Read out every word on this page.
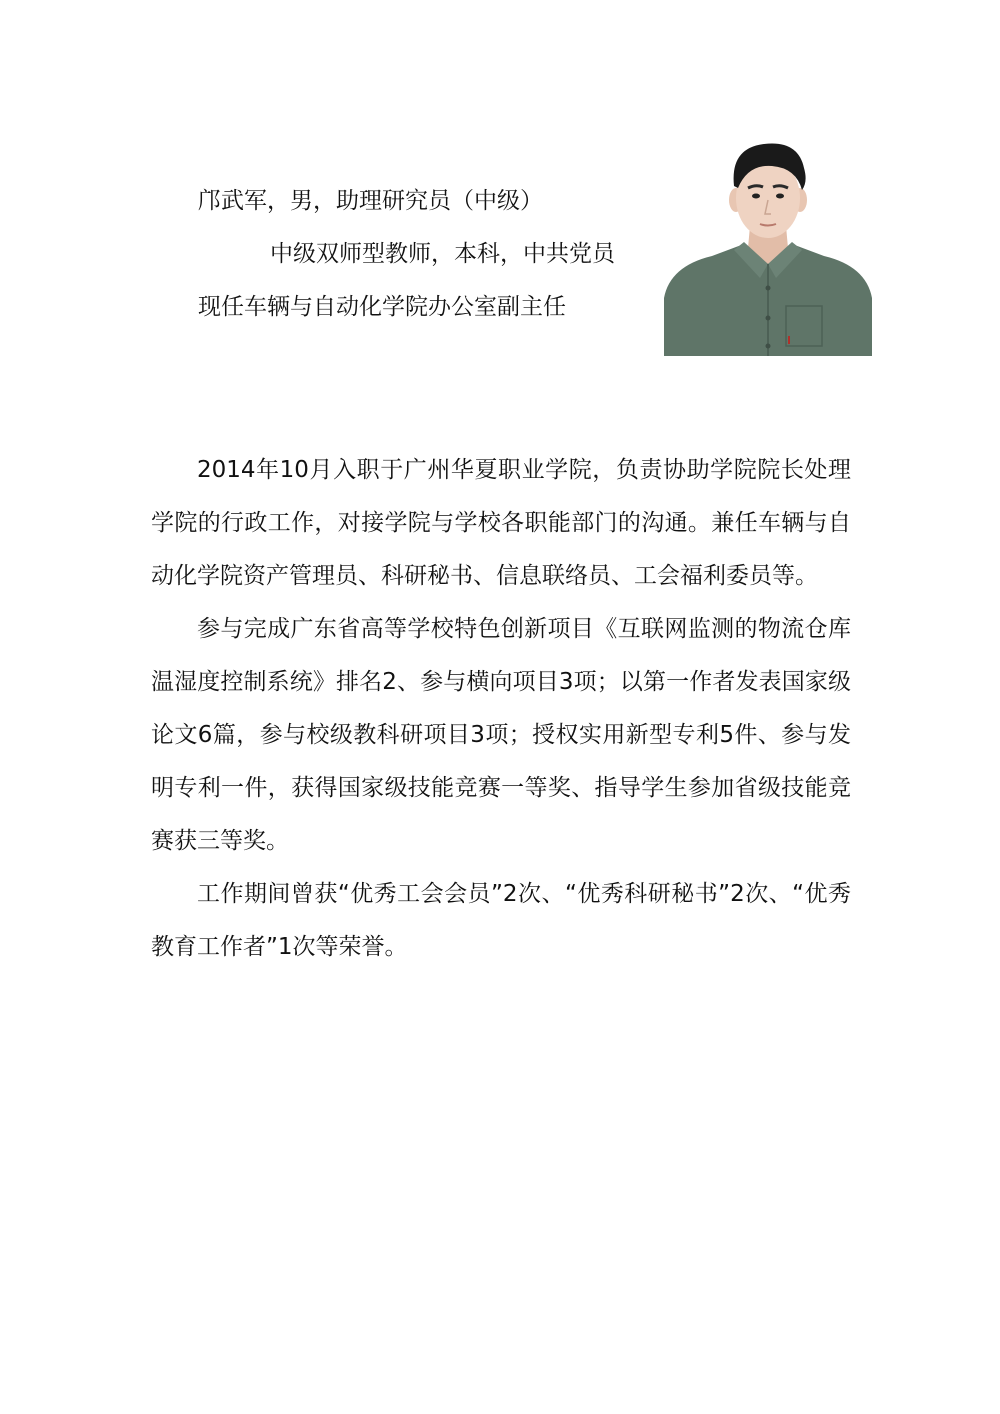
邝武军，男，助理研究员（中级）
中级双师型教师，本科，中共党员
现任车辆与自动化学院办公室副主任

2014年10月入职于广州华夏职业学院，负责协助学院院长处理学院的行政工作，对接学院与学校各职能部门的沟通。兼任车辆与自动化学院资产管理员、科研秘书、信息联络员、工会福利委员等。

参与完成广东省高等学校特色创新项目《互联网监测的物流仓库温湿度控制系统》排名2、参与横向项目3项；以第一作者发表国家级论文6篇，参与校级教科研项目3项；授权实用新型专利5件、参与发明专利一件，获得国家级技能竞赛一等奖、指导学生参加省级技能竞赛获三等奖。

工作期间曾获“优秀工会会员”2次、“优秀科研秘书”2次、“优秀教育工作者”1次等荣誉。
